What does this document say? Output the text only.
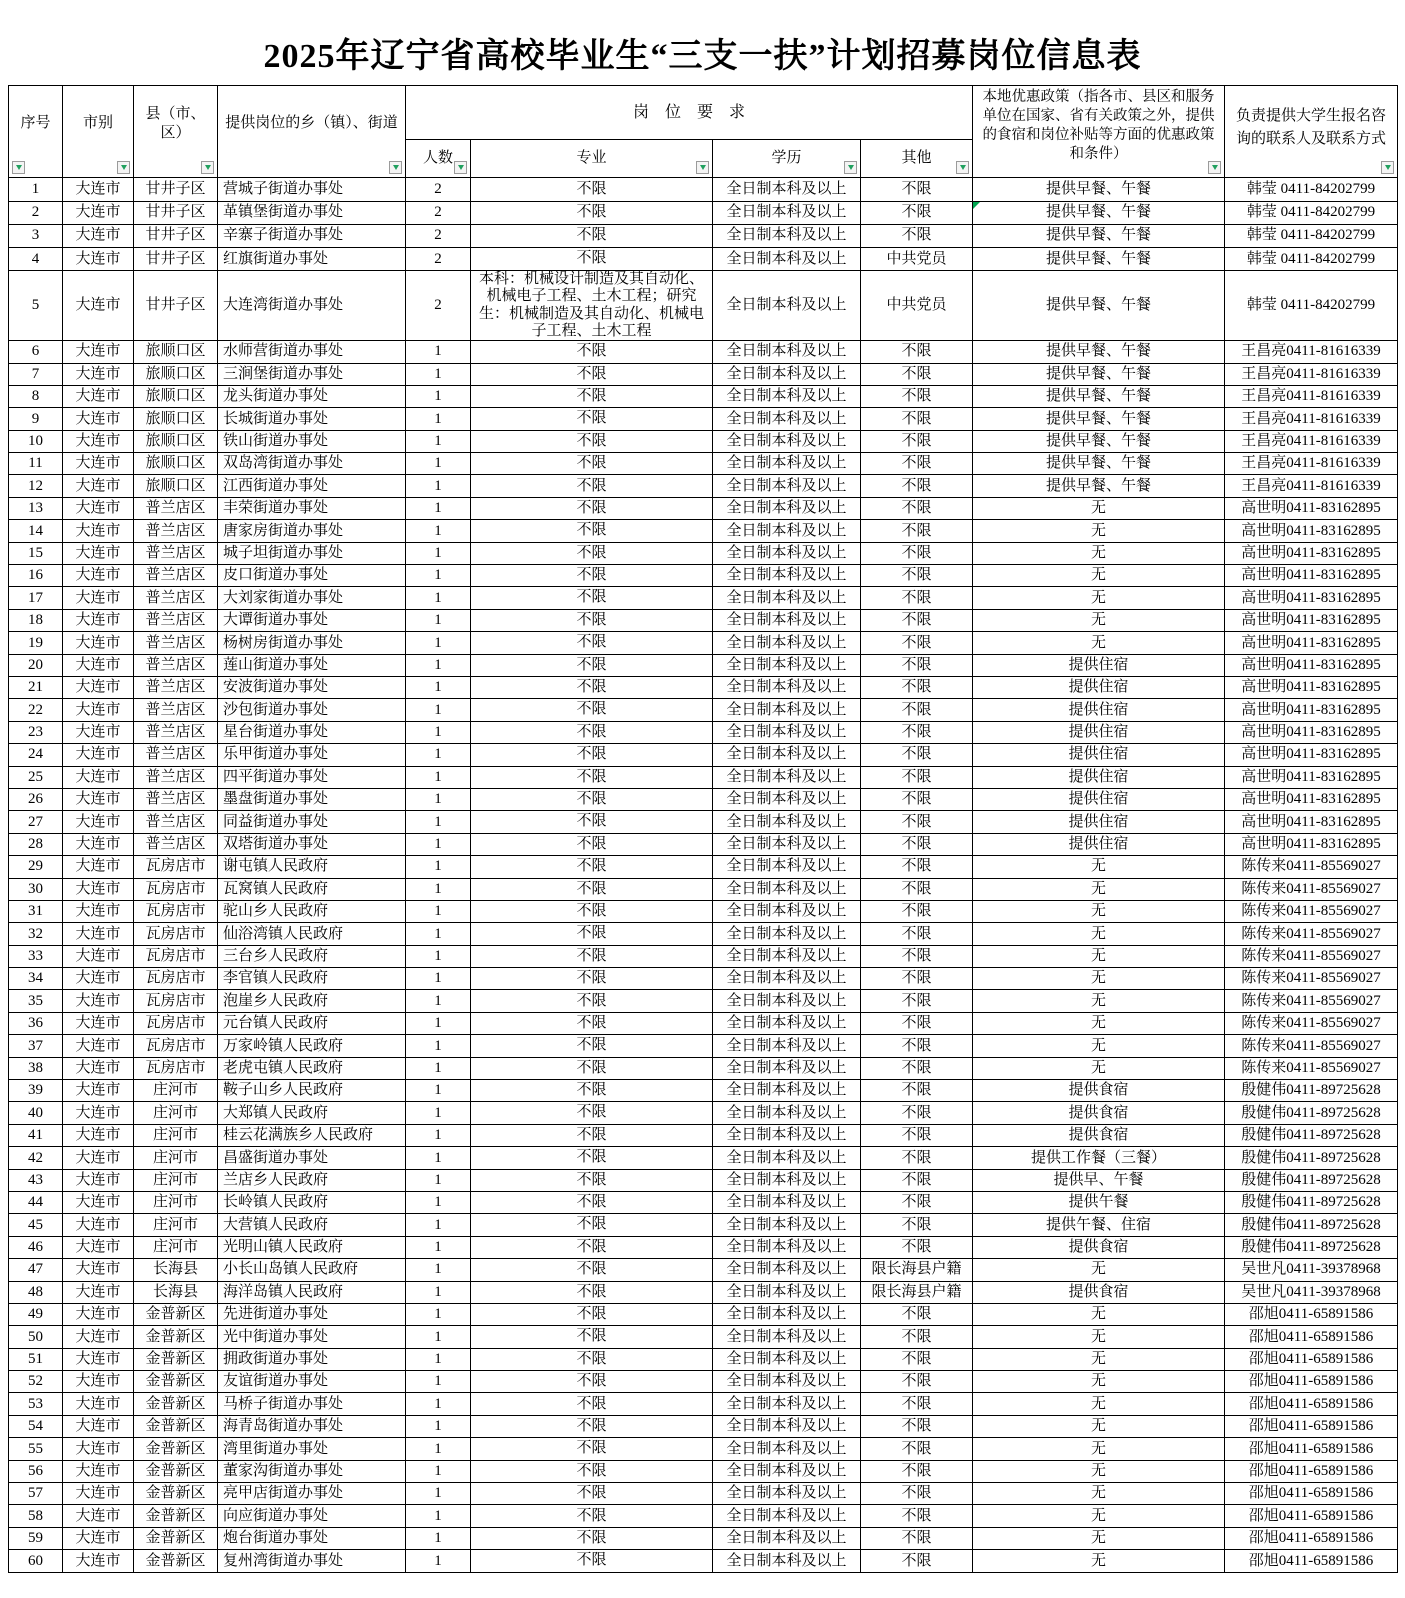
2025年辽宁省高校毕业生“三支一扶”计划招募岗位信息表
序号	市别	县（市、区）	提供岗位的乡（镇）、街道	岗位要求				本地优惠政策（指各市、县区和服务单位在国家、省有关政策之外，提供的食宿和岗位补贴等方面的优惠政策和条件）	负责提供大学生报名咨询的联系人及联系方式

				人数	专业	学历	其他		

1	大连市	甘井子区	营城子街道办事处	2	不限	全日制本科及以上	不限	提供早餐、午餐	韩莹 0411-84202799
2	大连市	甘井子区	革镇堡街道办事处	2	不限	全日制本科及以上	不限	提供早餐、午餐	韩莹 0411-84202799
3	大连市	甘井子区	辛寨子街道办事处	2	不限	全日制本科及以上	不限	提供早餐、午餐	韩莹 0411-84202799
4	大连市	甘井子区	红旗街道办事处	2	不限	全日制本科及以上	中共党员	提供早餐、午餐	韩莹 0411-84202799
5	大连市	甘井子区	大连湾街道办事处	2	本科：机械设计制造及其自动化、机械电子工程、土木工程；研究生：机械制造及其自动化、机械电子工程、土木工程	全日制本科及以上	中共党员	提供早餐、午餐	韩莹 0411-84202799
6	大连市	旅顺口区	水师营街道办事处	1	不限	全日制本科及以上	不限	提供早餐、午餐	王昌亮0411-81616339
7	大连市	旅顺口区	三涧堡街道办事处	1	不限	全日制本科及以上	不限	提供早餐、午餐	王昌亮0411-81616339
8	大连市	旅顺口区	龙头街道办事处	1	不限	全日制本科及以上	不限	提供早餐、午餐	王昌亮0411-81616339
9	大连市	旅顺口区	长城街道办事处	1	不限	全日制本科及以上	不限	提供早餐、午餐	王昌亮0411-81616339
10	大连市	旅顺口区	铁山街道办事处	1	不限	全日制本科及以上	不限	提供早餐、午餐	王昌亮0411-81616339
11	大连市	旅顺口区	双岛湾街道办事处	1	不限	全日制本科及以上	不限	提供早餐、午餐	王昌亮0411-81616339
12	大连市	旅顺口区	江西街道办事处	1	不限	全日制本科及以上	不限	提供早餐、午餐	王昌亮0411-81616339
13	大连市	普兰店区	丰荣街道办事处	1	不限	全日制本科及以上	不限	无	高世明0411-83162895
14	大连市	普兰店区	唐家房街道办事处	1	不限	全日制本科及以上	不限	无	高世明0411-83162895
15	大连市	普兰店区	城子坦街道办事处	1	不限	全日制本科及以上	不限	无	高世明0411-83162895
16	大连市	普兰店区	皮口街道办事处	1	不限	全日制本科及以上	不限	无	高世明0411-83162895
17	大连市	普兰店区	大刘家街道办事处	1	不限	全日制本科及以上	不限	无	高世明0411-83162895
18	大连市	普兰店区	大谭街道办事处	1	不限	全日制本科及以上	不限	无	高世明0411-83162895
19	大连市	普兰店区	杨树房街道办事处	1	不限	全日制本科及以上	不限	无	高世明0411-83162895
20	大连市	普兰店区	莲山街道办事处	1	不限	全日制本科及以上	不限	提供住宿	高世明0411-83162895
21	大连市	普兰店区	安波街道办事处	1	不限	全日制本科及以上	不限	提供住宿	高世明0411-83162895
22	大连市	普兰店区	沙包街道办事处	1	不限	全日制本科及以上	不限	提供住宿	高世明0411-83162895
23	大连市	普兰店区	星台街道办事处	1	不限	全日制本科及以上	不限	提供住宿	高世明0411-83162895
24	大连市	普兰店区	乐甲街道办事处	1	不限	全日制本科及以上	不限	提供住宿	高世明0411-83162895
25	大连市	普兰店区	四平街道办事处	1	不限	全日制本科及以上	不限	提供住宿	高世明0411-83162895
26	大连市	普兰店区	墨盘街道办事处	1	不限	全日制本科及以上	不限	提供住宿	高世明0411-83162895
27	大连市	普兰店区	同益街道办事处	1	不限	全日制本科及以上	不限	提供住宿	高世明0411-83162895
28	大连市	普兰店区	双塔街道办事处	1	不限	全日制本科及以上	不限	提供住宿	高世明0411-83162895
29	大连市	瓦房店市	谢屯镇人民政府	1	不限	全日制本科及以上	不限	无	陈传来0411-85569027
30	大连市	瓦房店市	瓦窝镇人民政府	1	不限	全日制本科及以上	不限	无	陈传来0411-85569027
31	大连市	瓦房店市	驼山乡人民政府	1	不限	全日制本科及以上	不限	无	陈传来0411-85569027
32	大连市	瓦房店市	仙浴湾镇人民政府	1	不限	全日制本科及以上	不限	无	陈传来0411-85569027
33	大连市	瓦房店市	三台乡人民政府	1	不限	全日制本科及以上	不限	无	陈传来0411-85569027
34	大连市	瓦房店市	李官镇人民政府	1	不限	全日制本科及以上	不限	无	陈传来0411-85569027
35	大连市	瓦房店市	泡崖乡人民政府	1	不限	全日制本科及以上	不限	无	陈传来0411-85569027
36	大连市	瓦房店市	元台镇人民政府	1	不限	全日制本科及以上	不限	无	陈传来0411-85569027
37	大连市	瓦房店市	万家岭镇人民政府	1	不限	全日制本科及以上	不限	无	陈传来0411-85569027
38	大连市	瓦房店市	老虎屯镇人民政府	1	不限	全日制本科及以上	不限	无	陈传来0411-85569027
39	大连市	庄河市	鞍子山乡人民政府	1	不限	全日制本科及以上	不限	提供食宿	殷健伟0411-89725628
40	大连市	庄河市	大郑镇人民政府	1	不限	全日制本科及以上	不限	提供食宿	殷健伟0411-89725628
41	大连市	庄河市	桂云花满族乡人民政府	1	不限	全日制本科及以上	不限	提供食宿	殷健伟0411-89725628
42	大连市	庄河市	昌盛街道办事处	1	不限	全日制本科及以上	不限	提供工作餐（三餐）	殷健伟0411-89725628
43	大连市	庄河市	兰店乡人民政府	1	不限	全日制本科及以上	不限	提供早、午餐	殷健伟0411-89725628
44	大连市	庄河市	长岭镇人民政府	1	不限	全日制本科及以上	不限	提供午餐	殷健伟0411-89725628
45	大连市	庄河市	大营镇人民政府	1	不限	全日制本科及以上	不限	提供午餐、住宿	殷健伟0411-89725628
46	大连市	庄河市	光明山镇人民政府	1	不限	全日制本科及以上	不限	提供食宿	殷健伟0411-89725628
47	大连市	长海县	小长山岛镇人民政府	1	不限	全日制本科及以上	限长海县户籍	无	吴世凡0411-39378968
48	大连市	长海县	海洋岛镇人民政府	1	不限	全日制本科及以上	限长海县户籍	提供食宿	吴世凡0411-39378968
49	大连市	金普新区	先进街道办事处	1	不限	全日制本科及以上	不限	无	邵旭0411-65891586
50	大连市	金普新区	光中街道办事处	1	不限	全日制本科及以上	不限	无	邵旭0411-65891586
51	大连市	金普新区	拥政街道办事处	1	不限	全日制本科及以上	不限	无	邵旭0411-65891586
52	大连市	金普新区	友谊街道办事处	1	不限	全日制本科及以上	不限	无	邵旭0411-65891586
53	大连市	金普新区	马桥子街道办事处	1	不限	全日制本科及以上	不限	无	邵旭0411-65891586
54	大连市	金普新区	海青岛街道办事处	1	不限	全日制本科及以上	不限	无	邵旭0411-65891586
55	大连市	金普新区	湾里街道办事处	1	不限	全日制本科及以上	不限	无	邵旭0411-65891586
56	大连市	金普新区	董家沟街道办事处	1	不限	全日制本科及以上	不限	无	邵旭0411-65891586
57	大连市	金普新区	亮甲店街道办事处	1	不限	全日制本科及以上	不限	无	邵旭0411-65891586
58	大连市	金普新区	向应街道办事处	1	不限	全日制本科及以上	不限	无	邵旭0411-65891586
59	大连市	金普新区	炮台街道办事处	1	不限	全日制本科及以上	不限	无	邵旭0411-65891586
60	大连市	金普新区	复州湾街道办事处	1	不限	全日制本科及以上	不限	无	邵旭0411-65891586
